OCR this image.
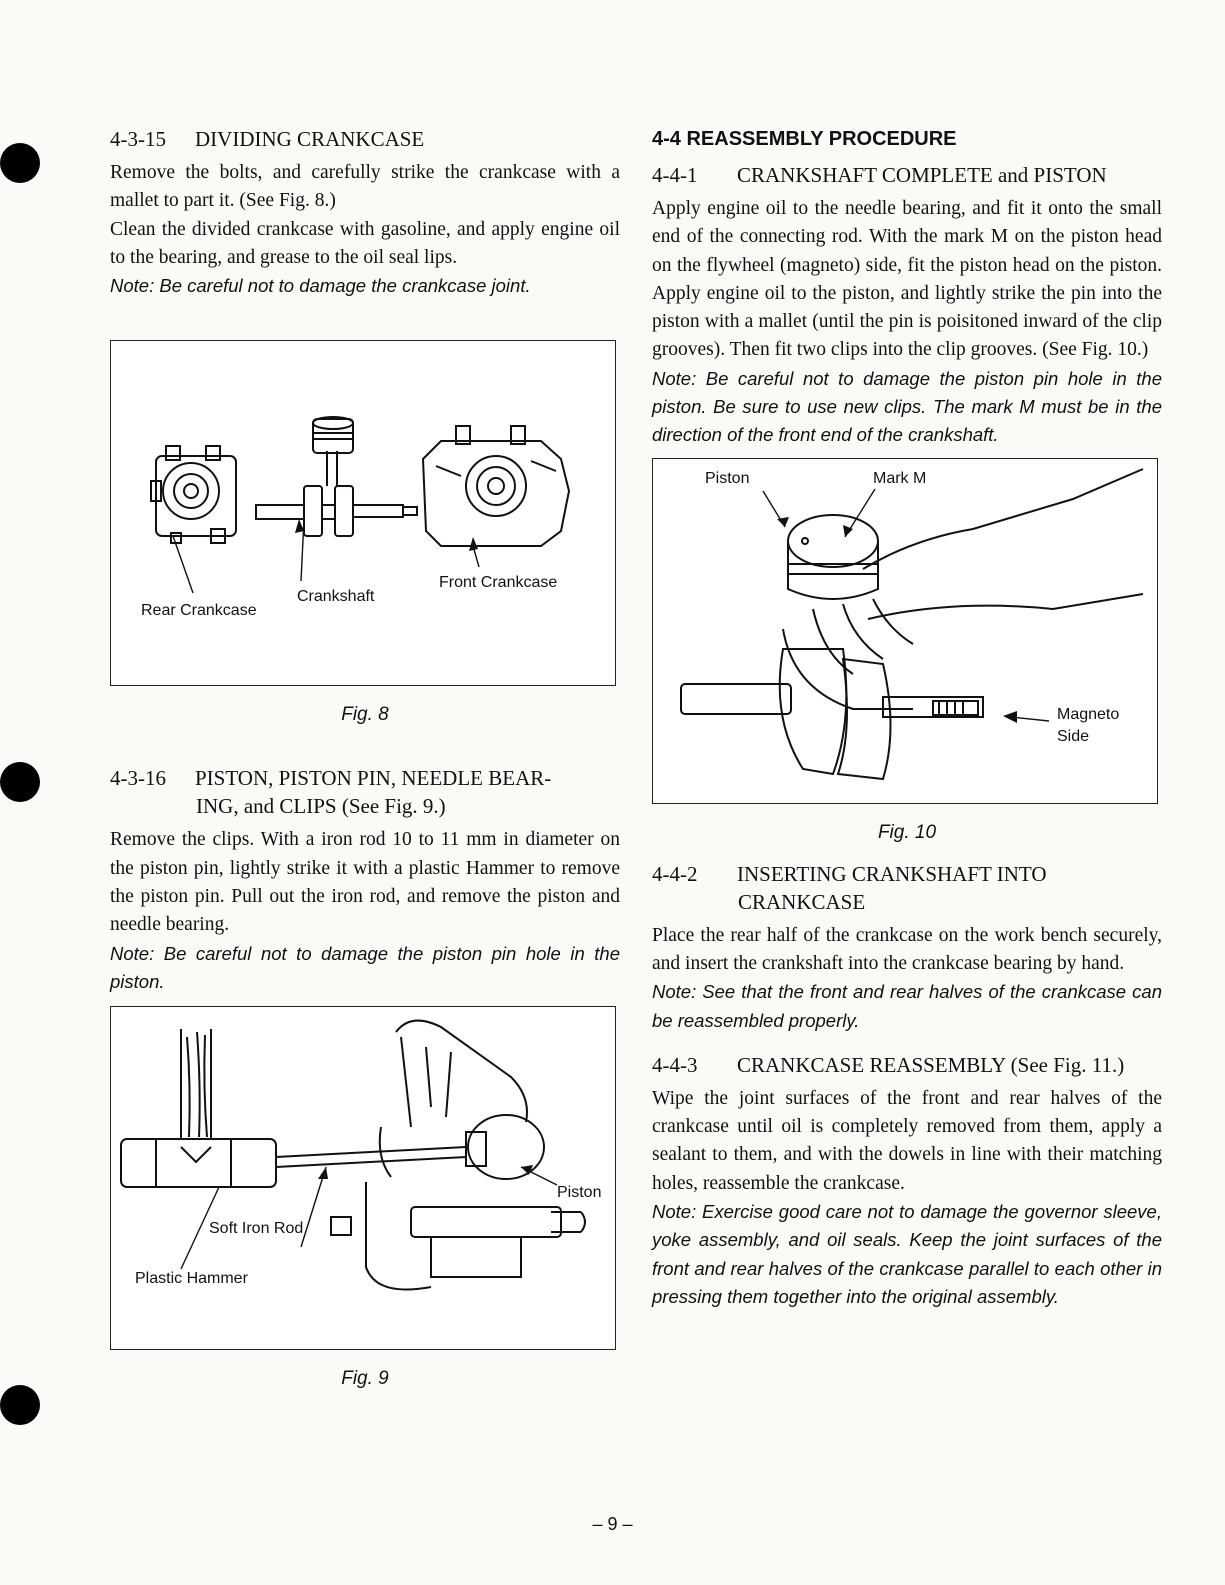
4-3-15 DIVIDING CRANKCASE

Remove the bolts, and carefully strike the crankcase with a mallet to part it. (See Fig. 8.)

Clean the divided crankcase with gasoline, and apply engine oil to the bearing, and grease to the oil seal lips.

Note: Be careful not to damage the crankcase joint.

Rear Crankcase
Crankshaft
Front Crankcase
Fig. 8
4-3-16 PISTON, PISTON PIN, NEEDLE BEAR-
ING, and CLIPS (See Fig. 9.)

Remove the clips. With a iron rod 10 to 11 mm in diameter on the piston pin, lightly strike it with a plastic Hammer to remove the piston pin. Pull out the iron rod, and remove the piston and needle bearing.

Note: Be careful not to damage the piston pin hole in the piston.

Soft Iron Rod
Plastic Hammer
Piston
Fig. 9
4-4 REASSEMBLY PROCEDURE
4-4-1 CRANKSHAFT COMPLETE and PISTON

Apply engine oil to the needle bearing, and fit it onto the small end of the connecting rod. With the mark M on the piston head on the flywheel (magneto) side, fit the piston head on the piston. Apply engine oil to the piston, and lightly strike the pin into the piston with a mallet (until the pin is poisitoned inward of the clip grooves). Then fit two clips into the clip grooves. (See Fig. 10.)

Note: Be careful not to damage the piston pin hole in the piston. Be sure to use new clips. The mark M must be in the direction of the front end of the crankshaft.

Piston	Mark M
Magneto
Side
Fig. 10
4-4-2 INSERTING CRANKSHAFT INTO
CRANKCASE

Place the rear half of the crankcase on the work bench securely, and insert the crankshaft into the crankcase bearing by hand.

Note: See that the front and rear halves of the crankcase can be reassembled properly.

4-4-3 CRANKCASE REASSEMBLY (See Fig. 11.)

Wipe the joint surfaces of the front and rear halves of the crankcase until oil is completely removed from them, apply a sealant to them, and with the dowels in line with their matching holes, reassemble the crankcase.

Note: Exercise good care not to damage the governor sleeve, yoke assembly, and oil seals. Keep the joint surfaces of the front and rear halves of the crankcase parallel to each other in pressing them together into the original assembly.

– 9 –
